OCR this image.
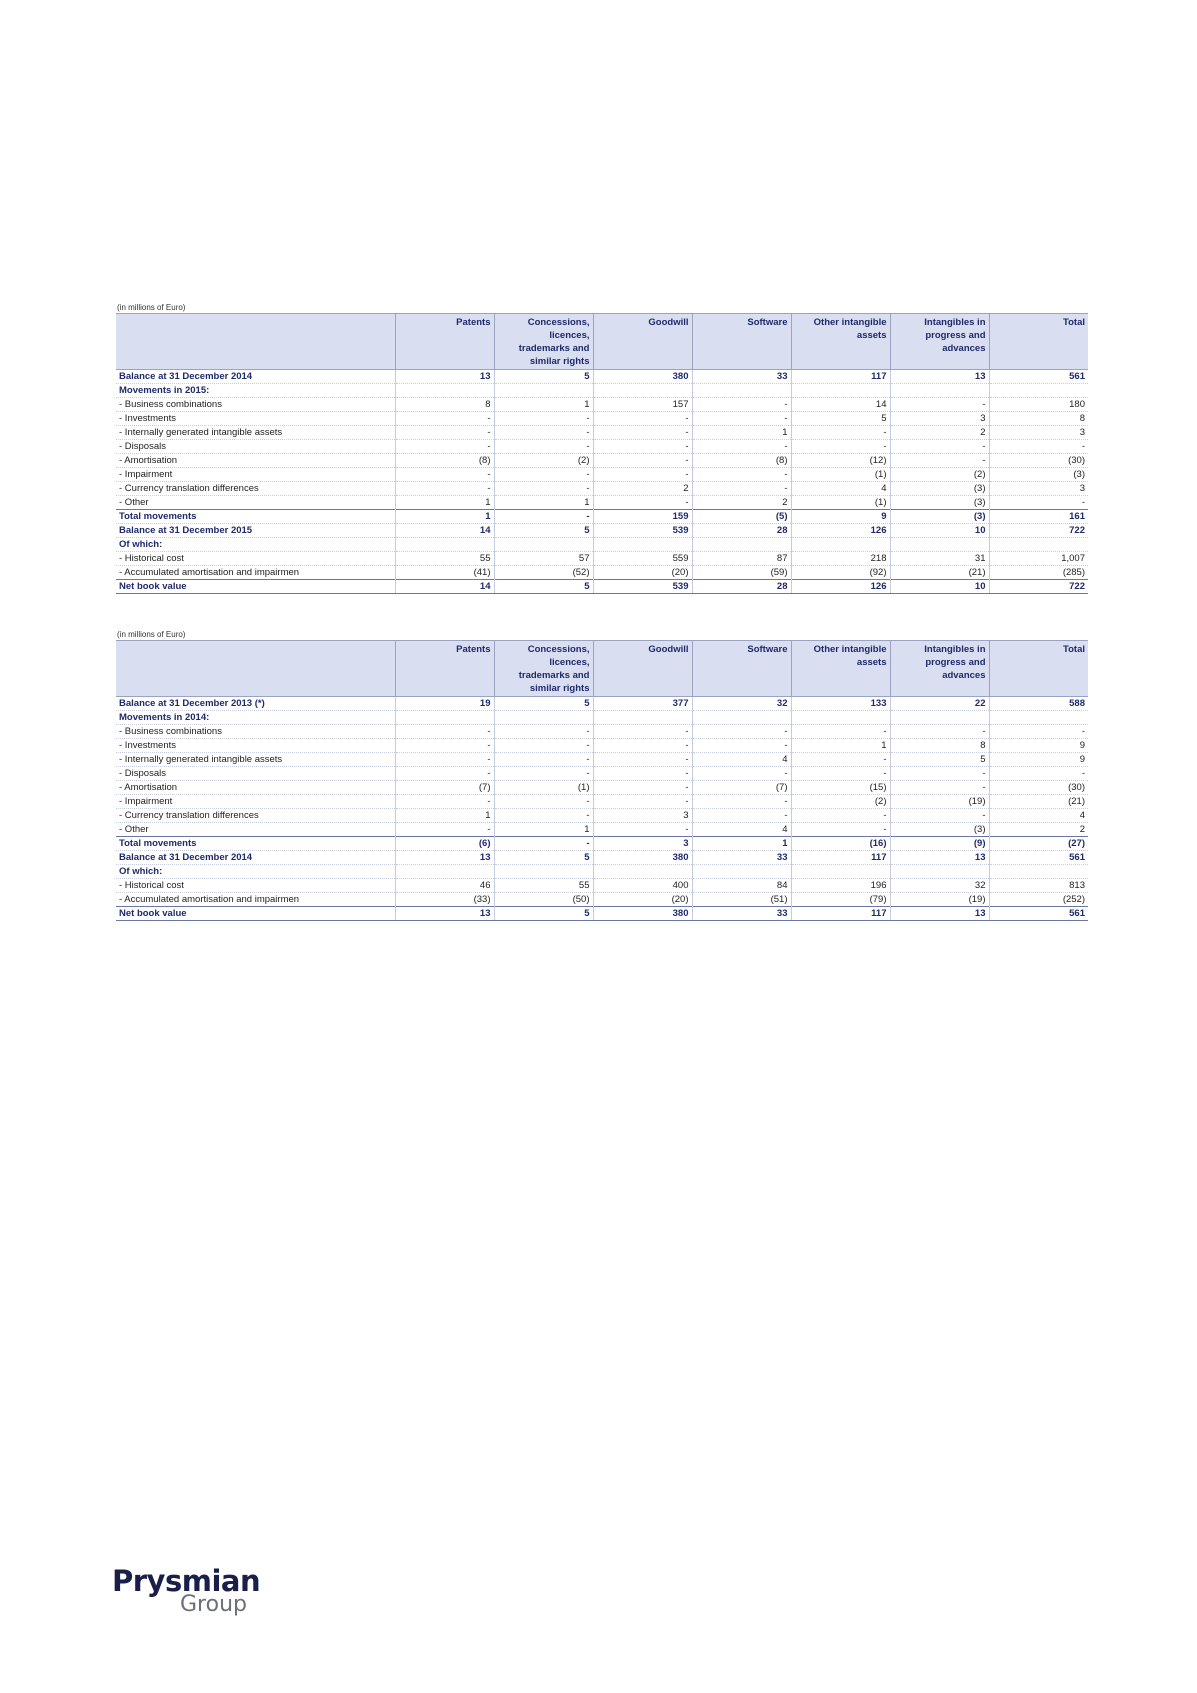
(in millions of Euro)
	Patents	Concessions, licences, trademarks and similar rights	Goodwill	Software	Other intangible assets	Intangibles in progress and advances	Total
Balance at 31 December 2014	13	5	380	33	117	13	561
Movements in 2015:							
- Business combinations	8	1	157	-	14	-	180
- Investments	-	-	-	-	5	3	8
- Internally generated intangible assets	-	-	-	1	-	2	3
- Disposals	-	-	-	-	-	-	-
- Amortisation	(8)	(2)	-	(8)	(12)	-	(30)
- Impairment	-	-	-	-	(1)	(2)	(3)
- Currency translation differences	-	-	2	-	4	(3)	3
- Other	1	1	-	2	(1)	(3)	-
Total movements	1	-	159	(5)	9	(3)	161
Balance at 31 December 2015	14	5	539	28	126	10	722
Of which:							
- Historical cost	55	57	559	87	218	31	1,007
- Accumulated amortisation and impairmen	(41)	(52)	(20)	(59)	(92)	(21)	(285)
Net book value	14	5	539	28	126	10	722
(in millions of Euro)
	Patents	Concessions, licences, trademarks and similar rights	Goodwill	Software	Other intangible assets	Intangibles in progress and advances	Total
Balance at 31 December 2013 (*)	19	5	377	32	133	22	588
Movements in 2014:							
- Business combinations	-	-	-	-	-	-	-
- Investments	-	-	-	-	1	8	9
- Internally generated intangible assets	-	-	-	4	-	5	9
- Disposals	-	-	-	-	-	-	-
- Amortisation	(7)	(1)	-	(7)	(15)	-	(30)
- Impairment	-	-	-	-	(2)	(19)	(21)
- Currency translation differences	1	-	3	-	-	-	4
- Other	-	1	-	4	-	(3)	2
Total movements	(6)	-	3	1	(16)	(9)	(27)
Balance at 31 December 2014	13	5	380	33	117	13	561
Of which:							
- Historical cost	46	55	400	84	196	32	813
- Accumulated amortisation and impairmen	(33)	(50)	(20)	(51)	(79)	(19)	(252)
Net book value	13	5	380	33	117	13	561
Prysmian
Group
